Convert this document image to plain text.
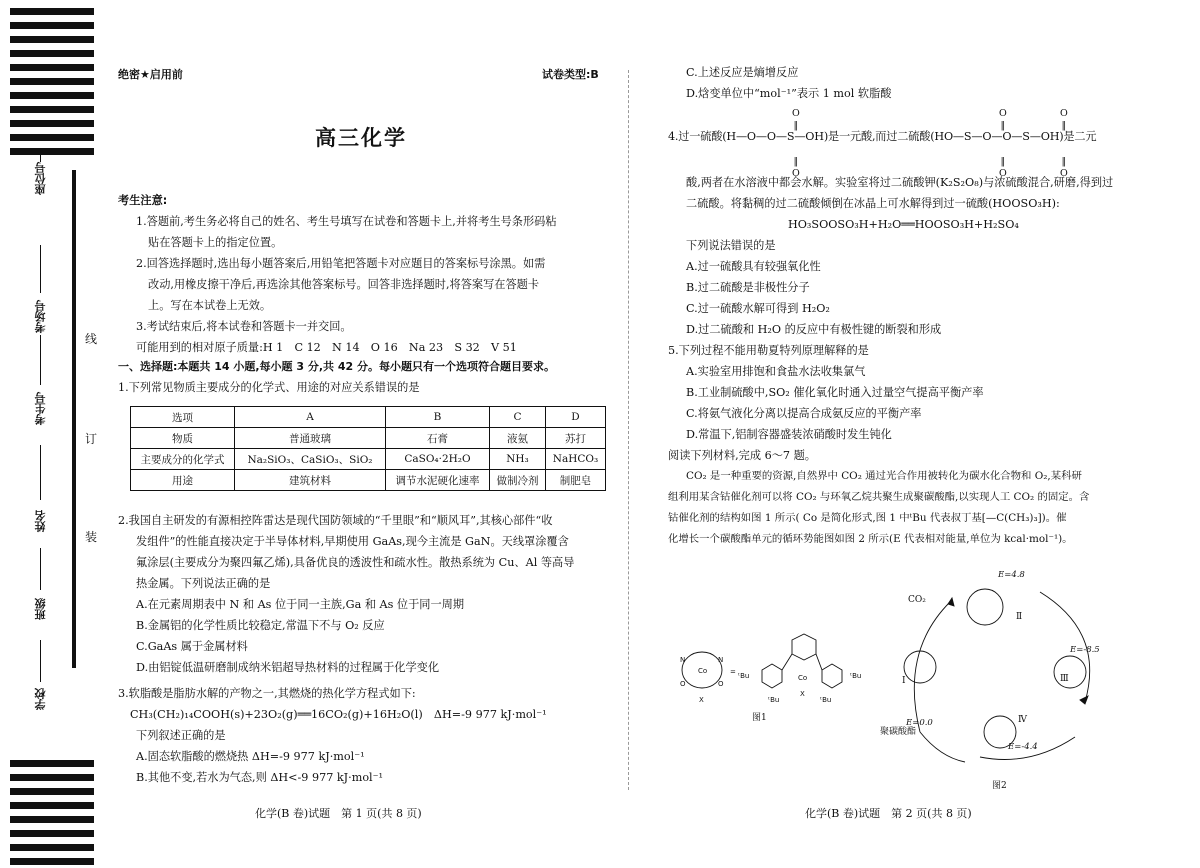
座位号
考场号
考生号
姓名
班级
学校
线
订
装
绝密★启用前	试卷类型:B
高三化学

考生注意:

1.答题前,考生务必将自己的姓名、考生号填写在试卷和答题卡上,并将考生号条形码粘

贴在答题卡上的指定位置。

2.回答选择题时,选出每小题答案后,用铅笔把答题卡对应题目的答案标号涂黑。如需

改动,用橡皮擦干净后,再选涂其他答案标号。回答非选择题时,将答案写在答题卡

上。写在本试卷上无效。

3.考试结束后,将本试卷和答题卡一并交回。

可能用到的相对原子质量:H 1　C 12　N 14　O 16　Na 23　S 32　V 51

一、选择题:本题共 14 小题,每小题 3 分,共 42 分。每小题只有一个选项符合题目要求。

1.下列常见物质主要成分的化学式、用途的对应关系错误的是

2.我国自主研发的有源相控阵雷达是现代国防领域的“千里眼”和“顺风耳”,其核心部件“收

发组件”的性能直接决定于半导体材料,早期使用 GaAs,现今主流是 GaN。天线罩涂覆含

氟涂层(主要成分为聚四氟乙烯),具备优良的透波性和疏水性。散热系统为 Cu、Al 等高导

热金属。下列说法正确的是

A.在元素周期表中 N 和 As 位于同一主族,Ga 和 As 位于同一周期

B.金属铝的化学性质比较稳定,常温下不与 O₂ 反应

C.GaAs 属于金属材料

D.由铝锭低温研磨制成纳米铝超导热材料的过程属于化学变化

3.软脂酸是脂肪水解的产物之一,其燃烧的热化学方程式如下:

CH₃(CH₂)₁₄COOH(s)+23O₂(g)══16CO₂(g)+16H₂O(l)　ΔH=-9 977 kJ·mol⁻¹

下列叙述正确的是

A.固态软脂酸的燃烧热 ΔH=-9 977 kJ·mol⁻¹

B.其他不变,若水为气态,则 ΔH<-9 977 kJ·mol⁻¹

选项	A	B	C	D
物质	普通玻璃	石膏	液氨	苏打
主要成分的化学式	Na₂SiO₃、CaSiO₃、SiO₂	CaSO₄·2H₂O	NH₃	NaHCO₃
用途	建筑材料	调节水泥硬化速率	做制冷剂	制肥皂
化学(B 卷)试题　第 1 页(共 8 页)

C.上述反应是熵增反应

D.焓变单位中“mol⁻¹”表示 1 mol 软脂酸

4.过一硫酸(H—O—O—S—OH)是一元酸,而过二硫酸(HO—S—O—O—S—OH)是二元

酸,两者在水溶液中都会水解。实验室将过二硫酸钾(K₂S₂O₈)与浓硫酸混合,研磨,得到过

二硫酸。将黏稠的过二硫酸倾倒在冰晶上可水解得到过一硫酸(HOOSO₃H):

HO₃SOOSO₃H+H₂O══HOOSO₃H+H₂SO₄

下列说法错误的是

A.过一硫酸具有较强氧化性

B.过二硫酸是非极性分子

C.过一硫酸水解可得到 H₂O₂

D.过二硫酸和 H₂O 的反应中有极性键的断裂和形成

5.下列过程不能用勒夏特列原理解释的是

A.实验室用排饱和食盐水法收集氯气

B.工业制硫酸中,SO₂ 催化氧化时通入过量空气提高平衡产率

C.将氨气液化分离以提高合成氨反应的平衡产率

D.常温下,铝制容器盛装浓硝酸时发生钝化

阅读下列材料,完成 6～7 题。

CO₂ 是一种重要的资源,自然界中 CO₂ 通过光合作用被转化为碳水化合物和 O₂,某科研

组利用某含钴催化剂可以将 CO₂ 与环氧乙烷共聚生成聚碳酸酯,以实现人工 CO₂ 的固定。含

钴催化剂的结构如图 1 所示( Co 是简化形式,图 1 中ᵗBu 代表叔丁基[—C(CH₃)₃])。催

化增长一个碳酸酯单元的循环势能图如图 2 所示(E 代表相对能量,单位为 kcal·mol⁻¹)。

O
‖

‖
O
O
‖

‖
O
O
‖

‖
O
Co
N	N
O	O
X
=
Co
X
ᵗBu	ᵗBu
ᵗBu	ᵗBu
图1
CO₂
聚碳酸酯
Ⅰ
Ⅱ
Ⅲ
Ⅳ
E=4.8
E=-8.5
E=-4.4
E=0.0
图2
化学(B 卷)试题　第 2 页(共 8 页)
